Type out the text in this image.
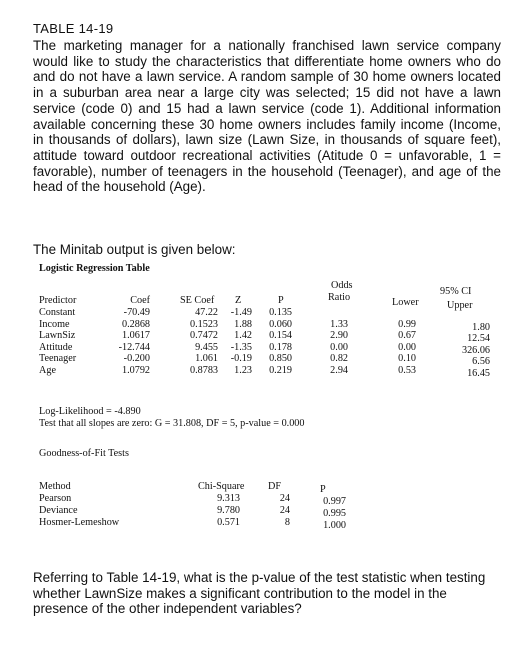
TABLE 14-19
The marketing manager for a nationally franchised lawn service company would like to study the characteristics that differentiate home owners who do and do not have a lawn service. A random sample of 30 home owners located in a suburban area near a large city was selected; 15 did not have a lawn service (code 0) and 15 had a lawn service (code 1). Additional information available concerning these 30 home owners includes family income (Income, in thousands of dollars), lawn size (Lawn Size, in thousands of square feet), attitude toward outdoor recreational activities (Atitude 0 = unfavorable, 1 = favorable), number of teenagers in the household (Teenager), and age of the head of the household (Age).
The Minitab output is given below:
Logistic Regression Table
Odds
95% CI
Ratio
Predictor	Coef	SE Coef Z	P	Lower	Upper
Constant	-70.49	47.22	-1.49	0.135
Income	0.2868	0.1523	1.88	0.060	1.33	0.99	1.80
LawnSiz	1.0617	0.7472	1.42	0.154	2.90	0.67	12.54
Attitude	-12.744	9.455	-1.35	0.178	0.00	0.00	326.06
Teenager	-0.200	1.061	-0.19	0.850	0.82	0.10	6.56
Age	1.0792	0.8783	1.23	0.219	2.94	0.53	16.45
Log-Likelihood = -4.890
Test that all slopes are zero: G = 31.808, DF = 5, p-value = 0.000
Goodness-of-Fit Tests
Method	Chi-Square DF	P
Pearson	9.313	24	0.997
Deviance	9.780	24	0.995
Hosmer-Lemeshow	0.571	8	1.000
Referring to Table 14-19, what is the p-value of the test statistic when testing whether LawnSize makes a significant contribution to the model in the presence of the other independent variables?
